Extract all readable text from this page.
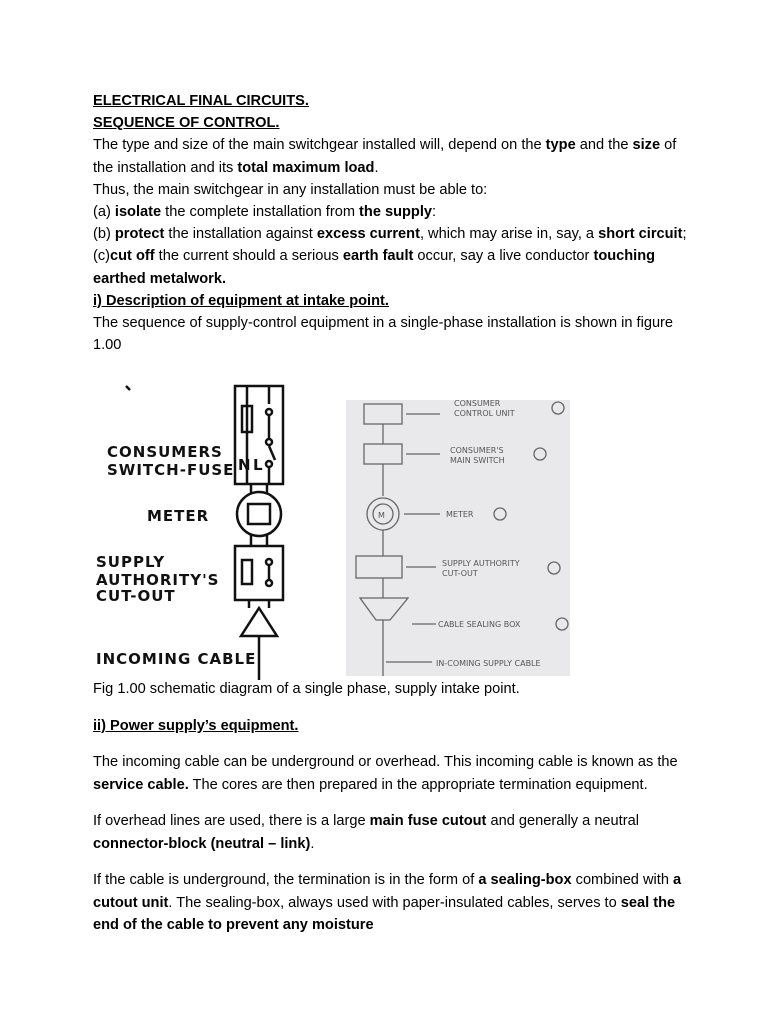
ELECTRICAL FINAL CIRCUITS.

SEQUENCE OF CONTROL.

The type and size of the main switchgear installed will, depend on the type and the size of the installation and its total maximum load.

Thus, the main switchgear in any installation must be able to:

(a) isolate the complete installation from the supply:

(b) protect the installation against excess current, which may arise in, say, a short circuit;

(c)cut off the current should a serious earth fault occur, say a live conductor touching earthed metalwork.

i) Description of equipment at intake point.

The sequence of supply-control equipment in a single-phase installation is shown in figure 1.00

CONSUMERS
SWITCH-FUSE N L
METER
SUPPLY
AUTHORITY'S
CUT-OUT
INCOMING CABLE
M
CONSUMER
CONTROL UNIT
CONSUMER'S
MAIN SWITCH
METER
SUPPLY AUTHORITY
CUT-OUT
CABLE SEALING BOX
IN-COMING SUPPLY CABLE

Fig 1.00 schematic diagram of a single phase, supply intake point.

ii) Power supply’s equipment.

The incoming cable can be underground or overhead. This incoming cable is known as the service cable. The cores are then prepared in the appropriate termination equipment.

If overhead lines are used, there is a large main fuse cutout and generally a neutral connector-block (neutral – link).

If the cable is underground, the termination is in the form of a sealing-box combined with a cutout unit. The sealing-box, always used with paper-insulated cables, serves to seal the end of the cable to prevent any moisture
